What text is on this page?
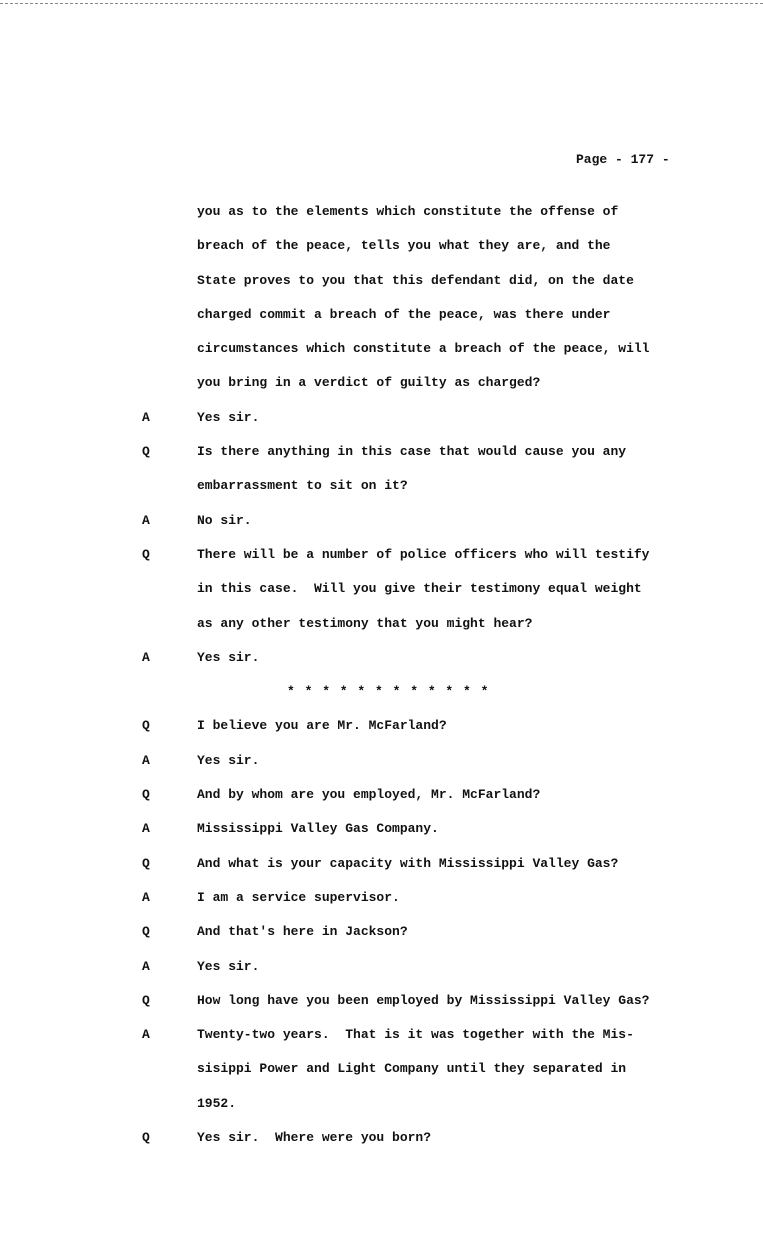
Page - 177 -
you as to the elements which constitute the offense of
breach of the peace, tells you what they are, and the
State proves to you that this defendant did, on the date
charged commit a breach of the peace, was there under
circumstances which constitute a breach of the peace, will
you bring in a verdict of guilty as charged?
A	Yes sir.
Q	Is there anything in this case that would cause you any
embarrassment to sit on it?
A	No sir.
Q	There will be a number of police officers who will testify
in this case.  Will you give their testimony equal weight
as any other testimony that you might hear?
A	Yes sir.
* * * * * * * * * * * *
Q	I believe you are Mr. McFarland?
A	Yes sir.
Q	And by whom are you employed, Mr. McFarland?
A	Mississippi Valley Gas Company.
Q	And what is your capacity with Mississippi Valley Gas?
A	I am a service supervisor.
Q	And that's here in Jackson?
A	Yes sir.
Q	How long have you been employed by Mississippi Valley Gas?
A	Twenty-two years.  That is it was together with the Mis-
sisippi Power and Light Company until they separated in
1952.
Q	Yes sir.  Where were you born?
